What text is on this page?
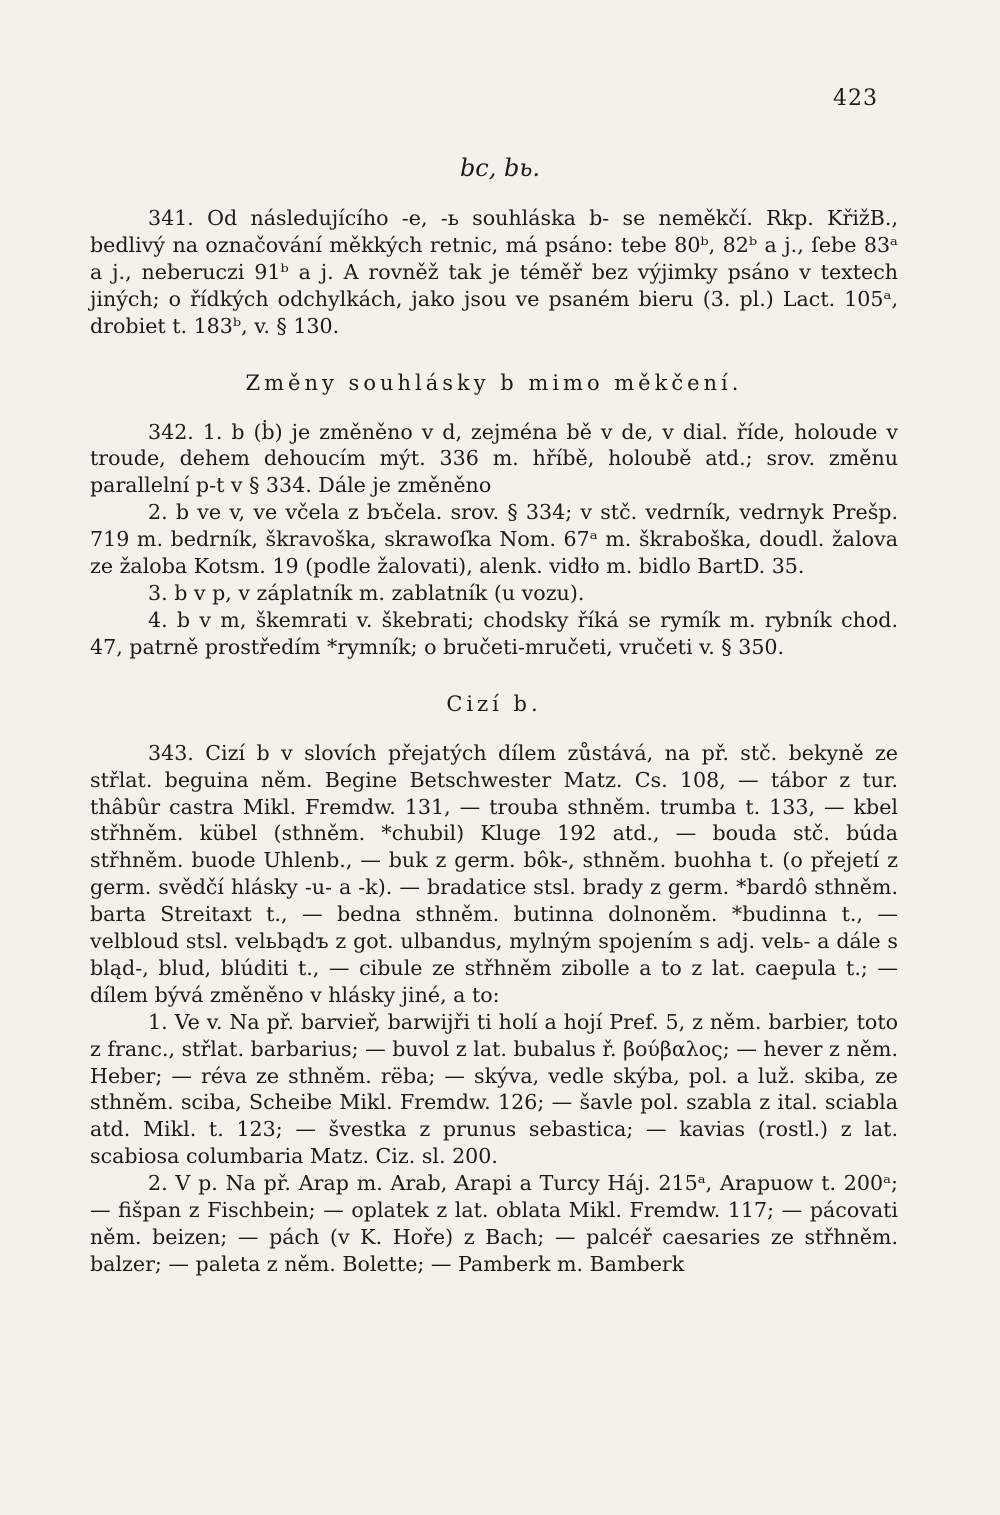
423
bc, bь.

341. Od následujícího -e, -ь souhláska b- se neměkčí. Rkp. KřižB., bedlivý na označování měkkých retnic, má psáno: tebe 80ᵇ, 82ᵇ a j., ſebe 83ᵃ a j., neberuczi 91ᵇ a j. A rovněž tak je téměř bez výjimky psáno v textech jiných; o řídkých odchylkách, jako jsou ve psaném bieru (3. pl.) Lact. 105ᵃ, drobiet t. 183ᵇ, v. § 130.

Změny souhlásky b mimo měkčení.

342. 1. b (ḃ) je změněno v d, zejména bě v de, v dial. říde, holoude v troude, dehem dehoucím mýt. 336 m. hříbě, holoubě atd.; srov. změnu parallelní p-t v § 334. Dále je změněno

2. b ve v, ve včela z bъčela. srov. § 334; v stč. vedrník, vedrnyk Prešp. 719 m. bedrník, škravoška, skrawoſka Nom. 67ᵃ m. škraboška, doudl. žalova ze žaloba Kotsm. 19 (podle žalovati), alenk. vidło m. bidlo BartD. 35.

3. b v p, v záplatník m. zablatník (u vozu).

4. b v m, škemrati v. škebrati; chodsky říká se rymík m. rybník chod. 47, patrně prostředím *rymník; o bručeti-mručeti, vručeti v. § 350.

Cizí b.

343. Cizí b v slovích přejatých dílem zůstává, na př. stč. bekyně ze střlat. beguina něm. Begine Betschwester Matz. Cs. 108, — tábor z tur. thâbûr castra Mikl. Fremdw. 131, — trouba sthněm. trumba t. 133, — kbel střhněm. kübel (sthněm. *chubil) Kluge 192 atd., — bouda stč. búda střhněm. buode Uhlenb., — buk z germ. bôk-, sthněm. buohha t. (o přejetí z germ. svědčí hlásky -u- a -k). — bradatice stsl. brady z germ. *bardô sthněm. barta Streitaxt t., — bedna sthněm. butinna dolnoněm. *budinna t., — velbloud stsl. velьbądъ z got. ulbandus, mylným spojením s adj. velь- a dále s bląd-, blud, blúditi t., — cibule ze střhněm zibolle a to z lat. caepula t.; — dílem bývá změněno v hlásky jiné, a to:

1. Ve v. Na př. barvieř, barwijři ti holí a hojí Pref. 5, z něm. barbier, toto z franc., střlat. barbarius; — buvol z lat. bubalus ř. βούβαλος; — hever z něm. Heber; — réva ze sthněm. rëba; — skýva, vedle skýba, pol. a luž. skiba, ze sthněm. sciba, Scheibe Mikl. Fremdw. 126; — šavle pol. szabla z ital. sciabla atd. Mikl. t. 123; — švestka z prunus sebastica; — kavias (rostl.) z lat. scabiosa columbaria Matz. Ciz. sl. 200.

2. V p. Na př. Arap m. Arab, Arapi a Turcy Háj. 215ᵃ, Arapuow t. 200ᵃ; — fišpan z Fischbein; — oplatek z lat. oblata Mikl. Fremdw. 117; — pácovati něm. beizen; — pách (v K. Hoře) z Bach; — palcéř caesaries ze střhněm. balzer; — paleta z něm. Bolette; — Pamberk m. Bamberk
